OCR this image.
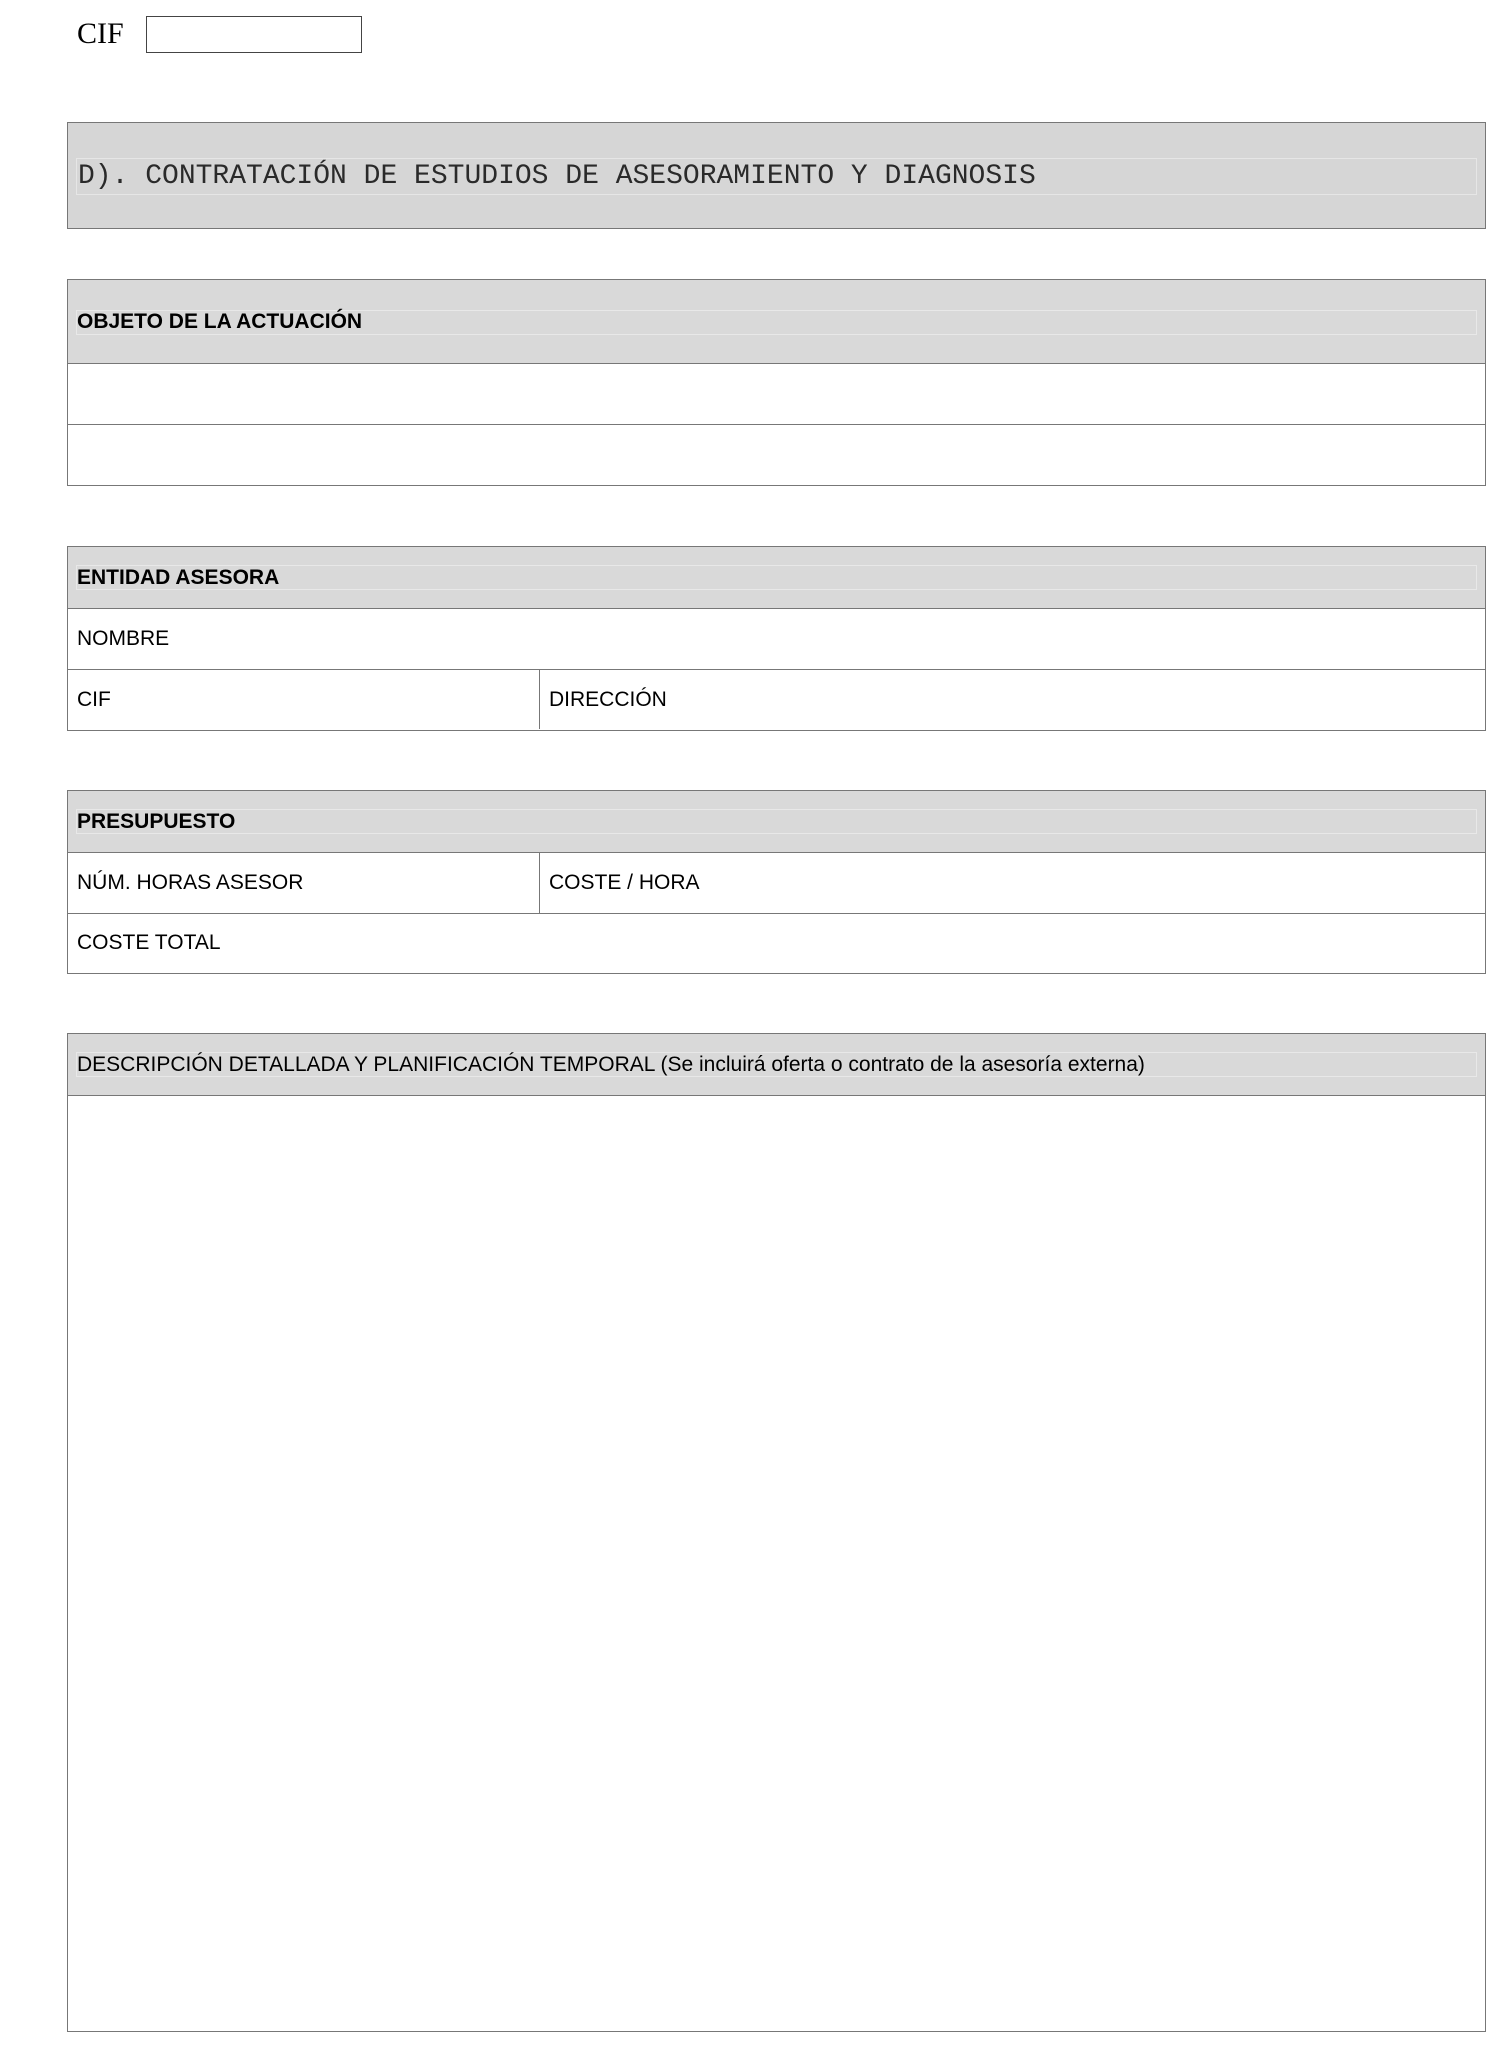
CIF
D). CONTRATACIÓN DE ESTUDIOS DE ASESORAMIENTO Y DIAGNOSIS
OBJETO DE LA ACTUACIÓN
ENTIDAD ASESORA
NOMBRE
CIF	DIRECCIÓN
PRESUPUESTO
NÚM. HORAS ASESOR	COSTE / HORA
COSTE TOTAL
DESCRIPCIÓN DETALLADA Y PLANIFICACIÓN TEMPORAL (Se incluirá oferta o contrato de la asesoría externa)
